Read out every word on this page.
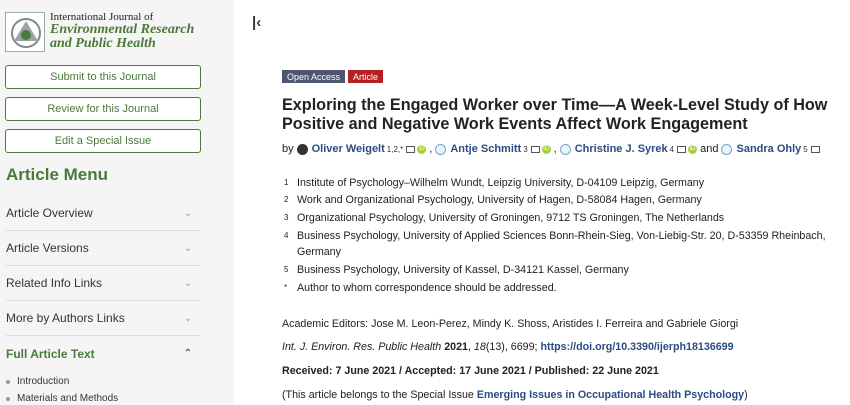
International Journal of
Environmental Research
and Public Health
Submit to this Journal
Review for this Journal
Edit a Special Issue
Article Menu
Article Overview	⌄
Article Versions	⌄
Related Info Links	⌄
More by Authors Links	⌄
Full Article Text	⌃
Introduction
Materials and Methods
|‹
Open Access	Article
Exploring the Engaged Worker over Time—A Week-Level Study of How Positive and Negative Work Events Affect Work Engagement
by Oliver Weigelt 1,2,*	iD , Antje Schmitt 3	iD , Christine J. Syrek 4	iD and Sandra Ohly 5
1 Institute of Psychology–Wilhelm Wundt, Leipzig University, D-04109 Leipzig, Germany
2 Work and Organizational Psychology, University of Hagen, D-58084 Hagen, Germany
3 Organizational Psychology, University of Groningen, 9712 TS Groningen, The Netherlands
4 Business Psychology, University of Applied Sciences Bonn-Rhein-Sieg, Von-Liebig-Str. 20, D-53359 Rheinbach, Germany
5 Business Psychology, University of Kassel, D-34121 Kassel, Germany
* Author to whom correspondence should be addressed.
Academic Editors: Jose M. Leon-Perez, Mindy K. Shoss, Aristides I. Ferreira and Gabriele Giorgi
Int. J. Environ. Res. Public Health 2021, 18(13), 6699; https://doi.org/10.3390/ijerph18136699
Received: 7 June 2021 / Accepted: 17 June 2021 / Published: 22 June 2021
(This article belongs to the Special Issue Emerging Issues in Occupational Health Psychology)
